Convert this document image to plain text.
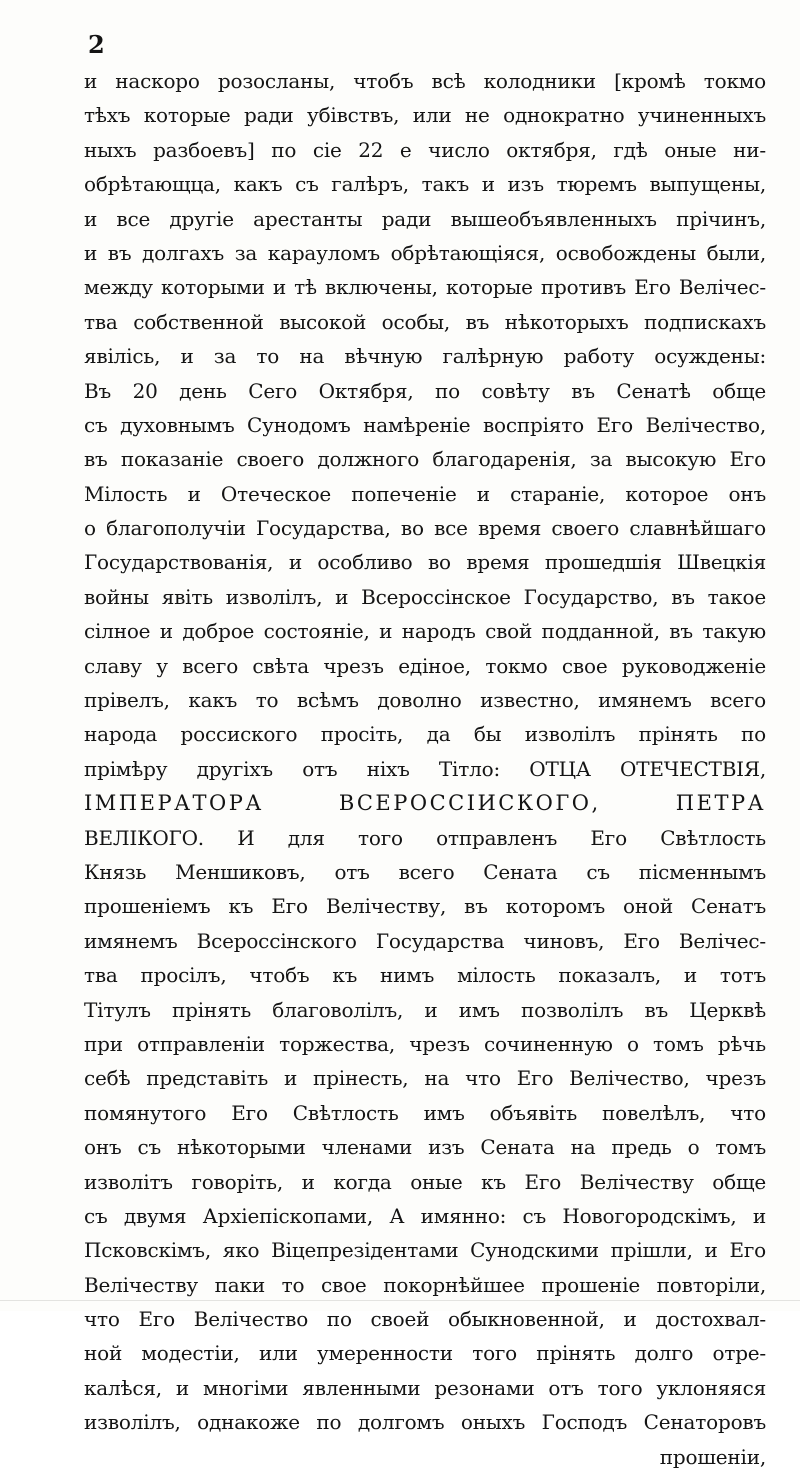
2
и наскоро розосланы, чтобъ всѣ колодники [кромѣ токмо
тѣхъ которые ради убівствъ, или не однократно учиненныхъ
ныхъ разбоевъ] по сіе 22 е число октября, гдѣ оные ни-
обрѣтающца, какъ съ галѣръ, такъ и изъ тюремъ выпущены,
и все другіе арестанты ради вышеобъявленныхъ прічинъ,
и въ долгахъ за карауломъ обрѣтающіяся, освобождены были,
между которыми и тѣ включены, которые противъ Его Велічес-
тва собственной высокой особы, въ нѣкоторыхъ подпискахъ
явілісь, и за то на вѣчную галѣрную работу осуждены:
Въ 20 день Сего Октября, по совѣту въ Сенатѣ обще
съ духовнымъ Сунодомъ намѣреніе воспріято Его Велічество,
въ показаніе своего должного благодаренія, за высокую Его
Мілость и Отеческое попеченіе и стараніе, которое онъ
о благополучіи Государства, во все время своего славнѣйшаго
Государствованія, и особливо во время прошедшія Швецкія
войны явіть изволілъ, и Всероссінское Государство, въ такое
сілное и доброе состояніе, и народъ свой подданной, въ такую
славу у всего свѣта чрезъ едіное, токмо свое руководженіе
прівелъ, какъ то всѣмъ доволно известно, имянемъ всего
народа россиского просіть, да бы изволілъ прінять по
прімѣру другіхъ отъ ніхъ Тітло: ОТЦА ОТЕЧЕСТВІЯ,
ІМПЕРАТОРА ВСЕРОССІИСКОГО, ПЕТРА
ВЕЛІКОГО. И для того отправленъ Его Свѣтлость
Князь Меншиковъ, отъ всего Сената съ пісменнымъ
прошеніемъ къ Его Велічеству, въ которомъ оной Сенатъ
имянемъ Всероссінского Государства чиновъ, Его Велічес-
тва просілъ, чтобъ къ нимъ мілость показалъ, и тотъ
Тітулъ прінять благоволілъ, и имъ позволілъ въ Церквѣ
при отправленіи торжества, чрезъ сочиненную о томъ рѣчь
себѣ представіть и прінесть, на что Его Велічество, чрезъ
помянутого Его Свѣтлость имъ объявіть повелѣлъ, что
онъ съ нѣкоторыми членами изъ Сената на предь о томъ
изволітъ говоріть, и когда оные къ Его Велічеству обще
съ двумя Архіепіскопами, А имянно: съ Новогородскімъ, и
Псковскімъ, яко Віцепрезідентами Сунодскими прішли, и Его
Велічеству паки то свое покорнѣйшее прошеніе повторіли,
что Его Велічество по своей обыкновенной, и достохвал-
ной модестіи, или умеренности того прінять долго отре-
калѣся, и многіми явленными резонами отъ того уклоняяся
изволілъ, однакоже по долгомъ оныхъ Господъ Сенаторовъ
прошеніи,
